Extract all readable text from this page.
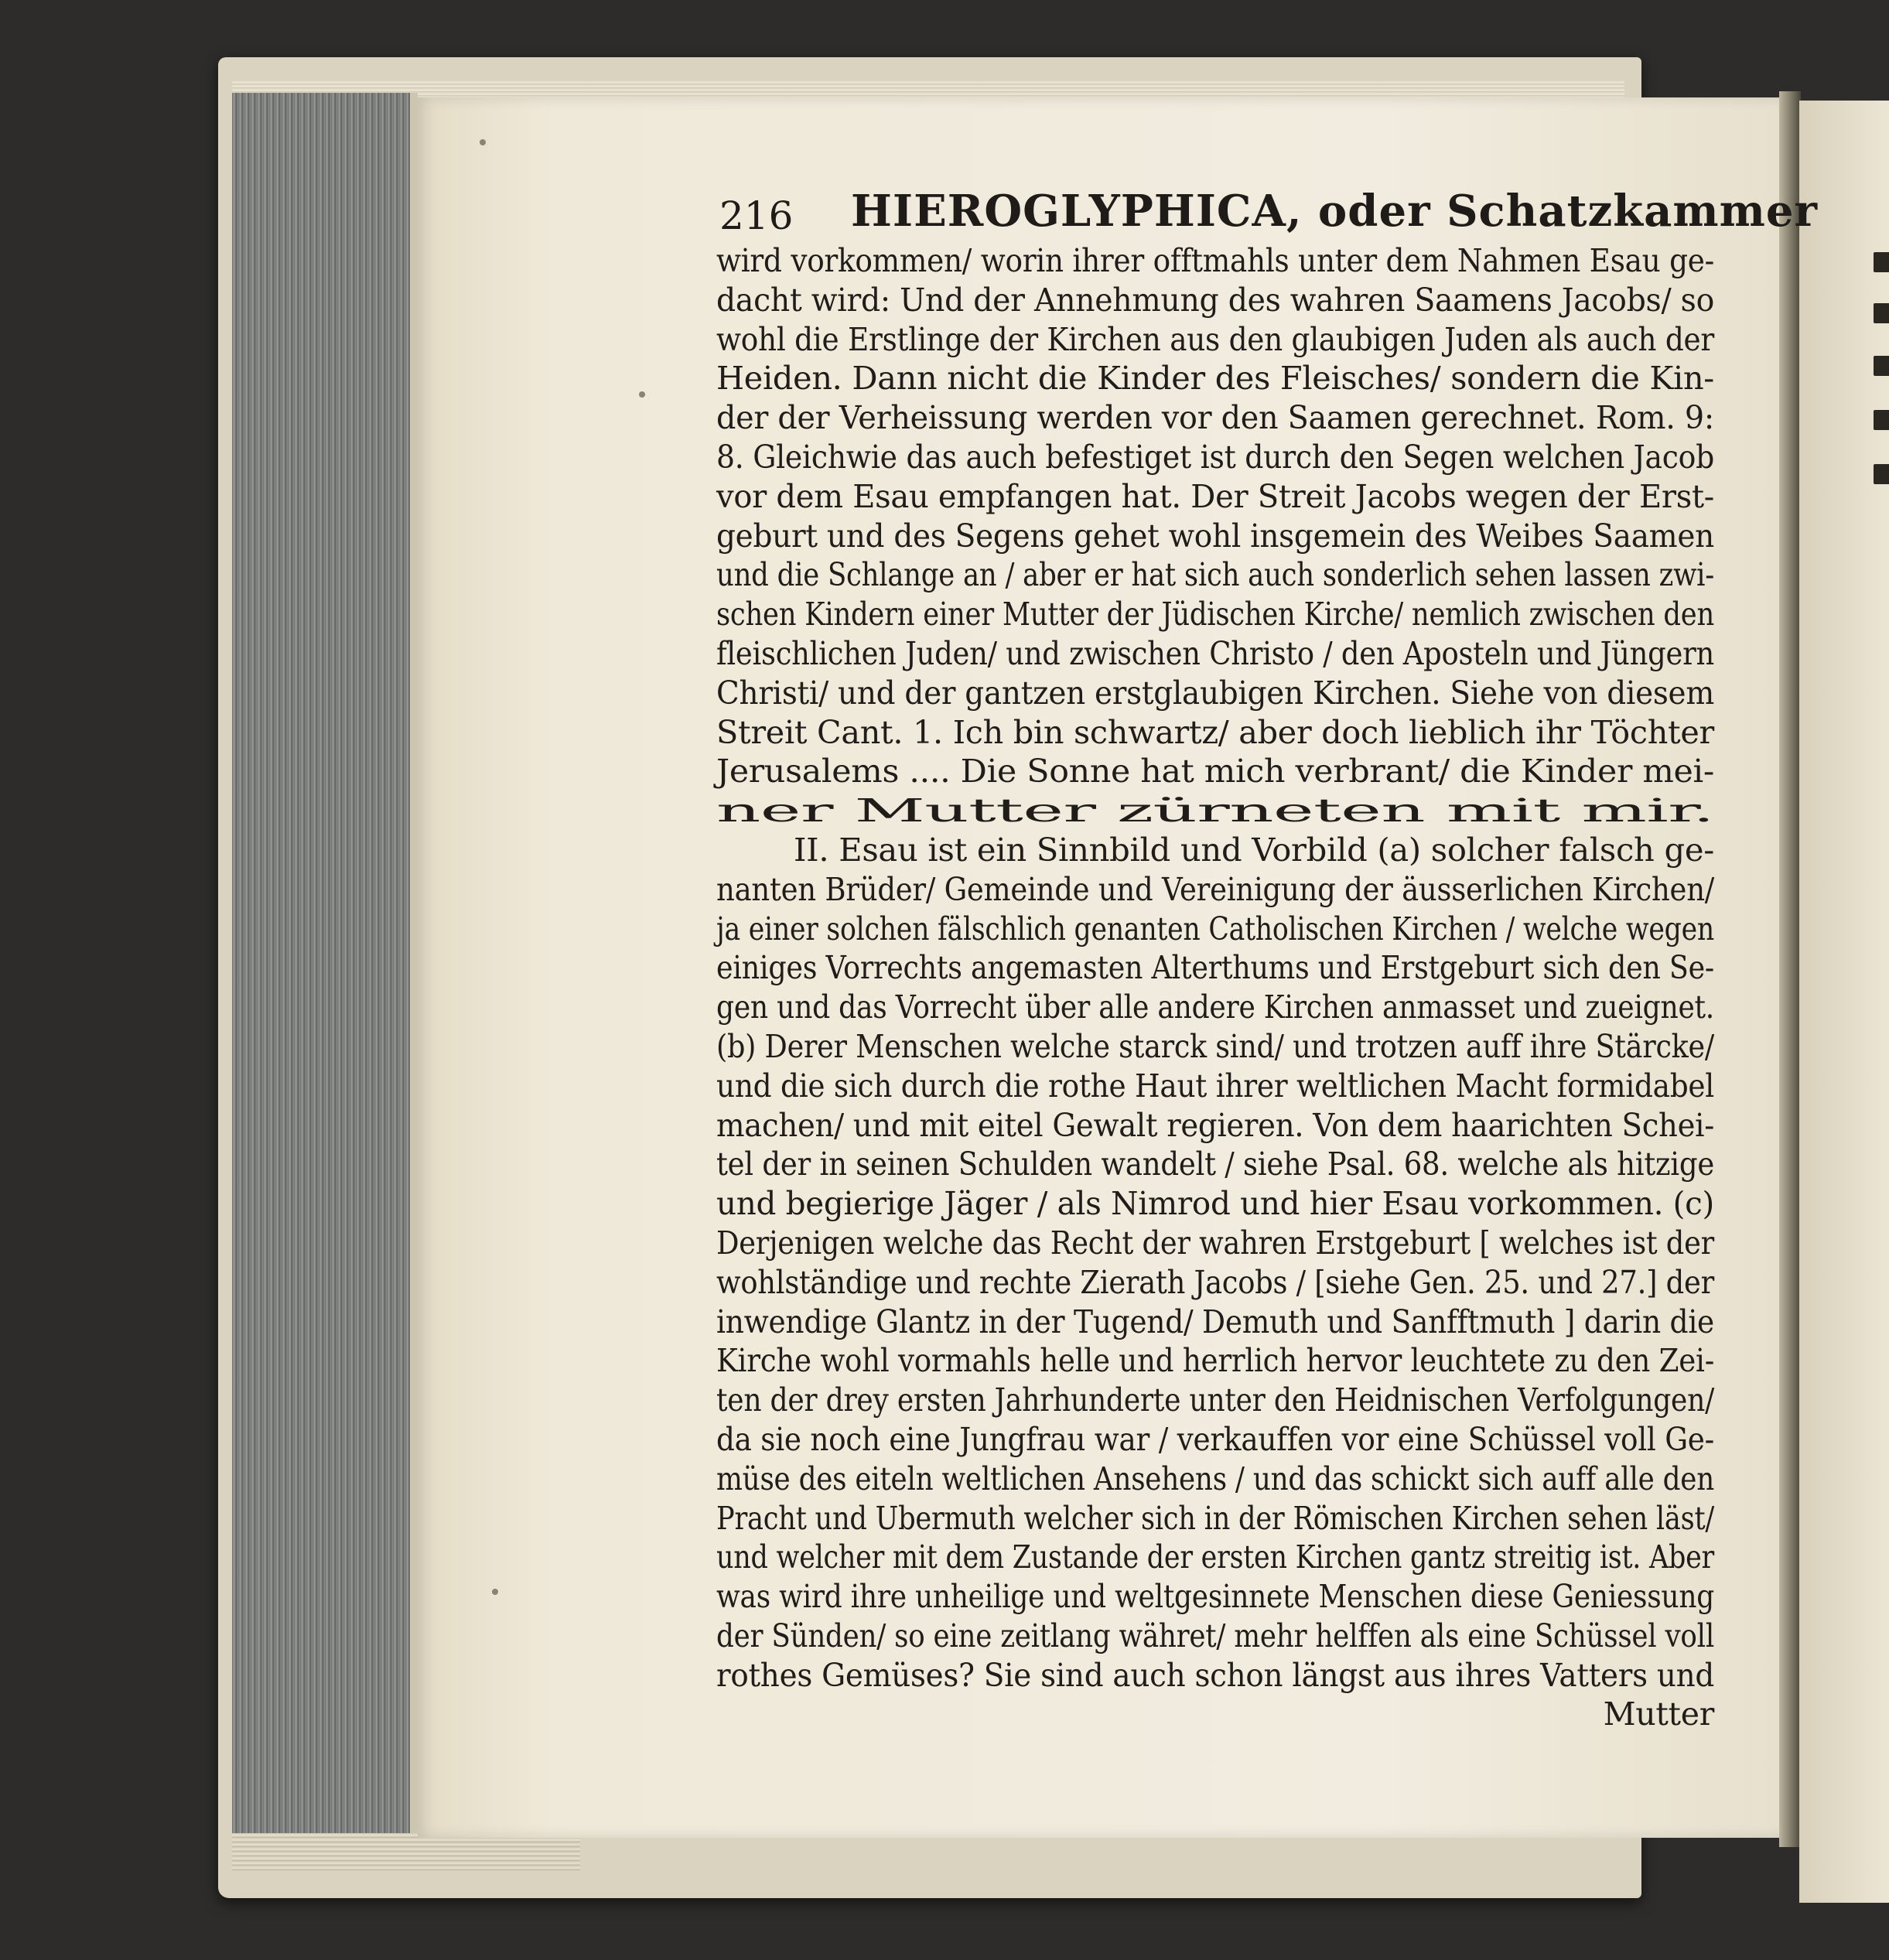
216 HIEROGLYPHICA, oder Schatzkammer
wird vorkommen/ worin ihrer offtmahls unter dem Nahmen Esau ge-
dacht wird: Und der Annehmung des wahren Saamens Jacobs/ so
wohl die Erstlinge der Kirchen aus den glaubigen Juden als auch der
Heiden. Dann nicht die Kinder des Fleisches/ sondern die Kin-
der der Verheissung werden vor den Saamen gerechnet. Rom. 9:
8. Gleichwie das auch befestiget ist durch den Segen welchen Jacob
vor dem Esau empfangen hat. Der Streit Jacobs wegen der Erst-
geburt und des Segens gehet wohl insgemein des Weibes Saamen
und die Schlange an / aber er hat sich auch sonderlich sehen lassen zwi-
schen Kindern einer Mutter der Jüdischen Kirche/ nemlich zwischen den
fleischlichen Juden/ und zwischen Christo / den Aposteln und Jüngern
Christi/ und der gantzen erstglaubigen Kirchen. Siehe von diesem
Streit Cant. 1. Ich bin schwartz/ aber doch lieblich ihr Töchter
Jerusalems .... Die Sonne hat mich verbrant/ die Kinder mei-
ner Mutter zürneten mit mir.
II. Esau ist ein Sinnbild und Vorbild (a) solcher falsch ge-
nanten Brüder/ Gemeinde und Vereinigung der äusserlichen Kirchen/
ja einer solchen fälschlich genanten Catholischen Kirchen / welche wegen
einiges Vorrechts angemasten Alterthums und Erstgeburt sich den Se-
gen und das Vorrecht über alle andere Kirchen anmasset und zueignet.
(b) Derer Menschen welche starck sind/ und trotzen auff ihre Stärcke/
und die sich durch die rothe Haut ihrer weltlichen Macht formidabel
machen/ und mit eitel Gewalt regieren. Von dem haarichten Schei-
tel der in seinen Schulden wandelt / siehe Psal. 68. welche als hitzige
und begierige Jäger / als Nimrod und hier Esau vorkommen. (c)
Derjenigen welche das Recht der wahren Erstgeburt [ welches ist der
wohlständige und rechte Zierath Jacobs / [siehe Gen. 25. und 27.] der
inwendige Glantz in der Tugend/ Demuth und Sanfftmuth ] darin die
Kirche wohl vormahls helle und herrlich hervor leuchtete zu den Zei-
ten der drey ersten Jahrhunderte unter den Heidnischen Verfolgungen/
da sie noch eine Jungfrau war / verkauffen vor eine Schüssel voll Ge-
müse des eiteln weltlichen Ansehens / und das schickt sich auff alle den
Pracht und Ubermuth welcher sich in der Römischen Kirchen sehen läst/
und welcher mit dem Zustande der ersten Kirchen gantz streitig ist. Aber
was wird ihre unheilige und weltgesinnete Menschen diese Geniessung
der Sünden/ so eine zeitlang währet/ mehr helffen als eine Schüssel voll
rothes Gemüses? Sie sind auch schon längst aus ihres Vatters und
Mutter
